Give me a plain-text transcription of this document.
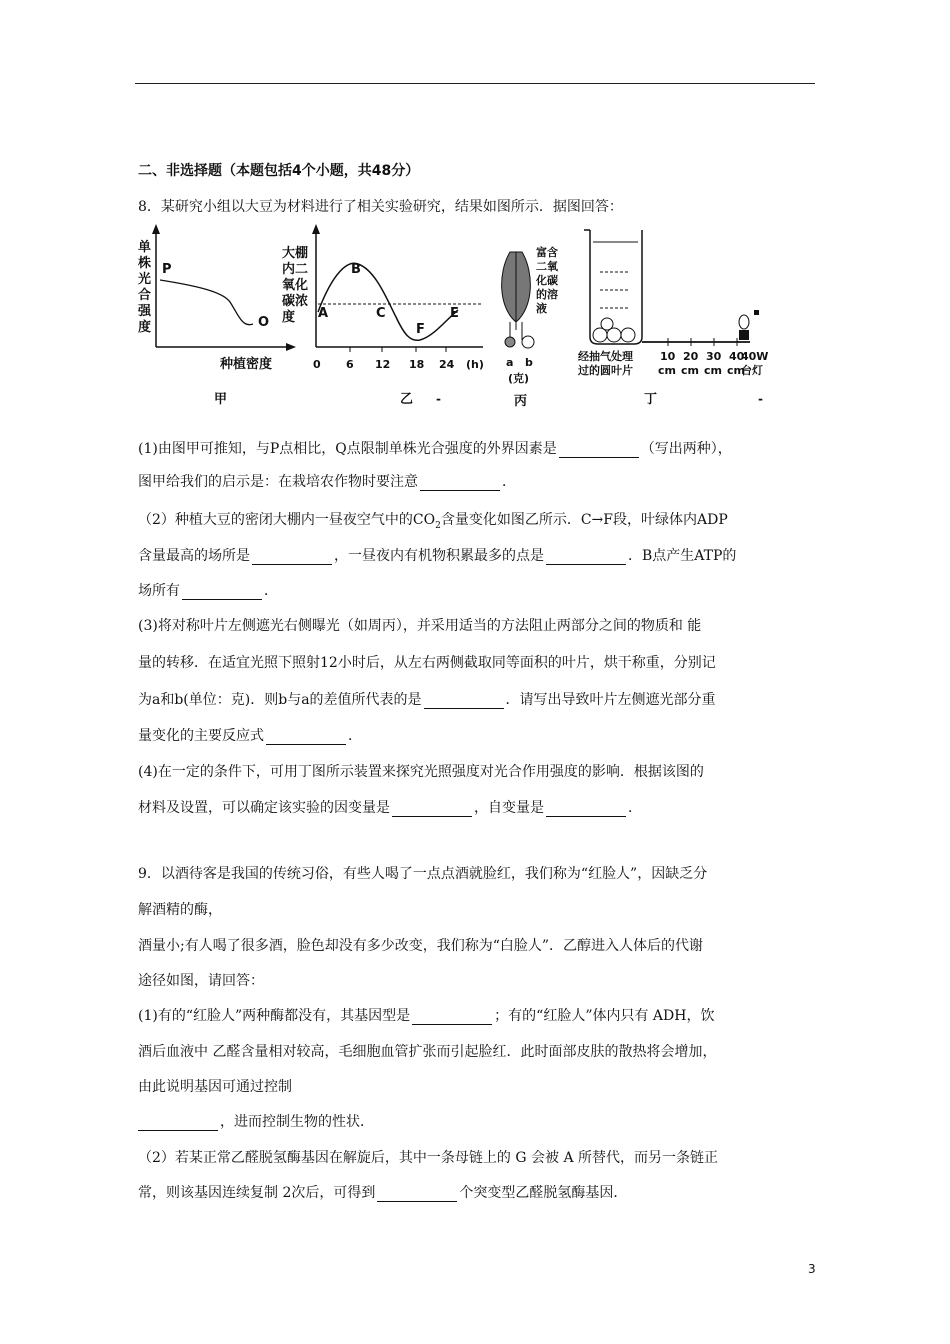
二、非选择题（本题包括4个小题，共48分）
8．某研究小组以大豆为材料进行了相关实验研究，结果如图所示．据图回答：
单
株
光
合
强
度
P
O
种植密度
甲
大棚
内二
氧化
碳浓
度	A
B
C
F
E
0 6 12 18 24 (h)
乙
富含
二氧
化碳
的溶
液
a b
(克)
丙
经抽气处理
过的圆叶片
10 20 30 40
cm cm cm cm
40W
台灯
丁
-	-
(1)由图甲可推知，与P点相比，Q点限制单株光合强度的外界因素是	（写出两种），
图甲给我们的启示是：在栽培农作物时要注意	．
（2）种植大豆的密闭大棚内一昼夜空气中的$CO_2$含量变化如图乙所示．C→F段，叶绿体内ADP
含量最高的场所是	，一昼夜内有机物积累最多的点是	．B点产生ATP的
场所有	．
(3)将对称叶片左侧遮光右侧曝光（如周丙），并采用适当的方法阻止两部分之间的物质和 能
量的转移．在适宜光照下照射12小时后，从左右两侧截取同等面积的叶片，烘干称重，分别记
为a和b(单位：克)．则b与a的差值所代表的是	．请写出导致叶片左侧遮光部分重
量变化的主要反应式	．
(4)在一定的条件下，可用丁图所示装置来探究光照强度对光合作用强度的影响．根据该图的
材料及设置，可以确定该实验的因变量是	，自变量是	．
9．以酒待客是我国的传统习俗，有些人喝了一点点酒就脸红，我们称为“红脸人”，因缺乏分
解酒精的酶，
酒量小;有人喝了很多酒，脸色却没有多少改变，我们称为“白脸人”．乙醇进入人体后的代谢
途径如图，请回答：
(1)有的“红脸人”两种酶都没有，其基因型是	；有的“红脸人”体内只有 ADH，饮
酒后血液中 乙醛含量相对较高，毛细胞血管扩张而引起脸红．此时面部皮肤的散热将会增加，
由此说明基因可通过控制
，进而控制生物的性状．
（2）若某正常乙醛脱氢酶基因在解旋后，其中一条母链上的 G 会被 A 所替代，而另一条链正
常，则该基因连续复制 2次后，可得到	个突变型乙醛脱氢酶基因．
3
